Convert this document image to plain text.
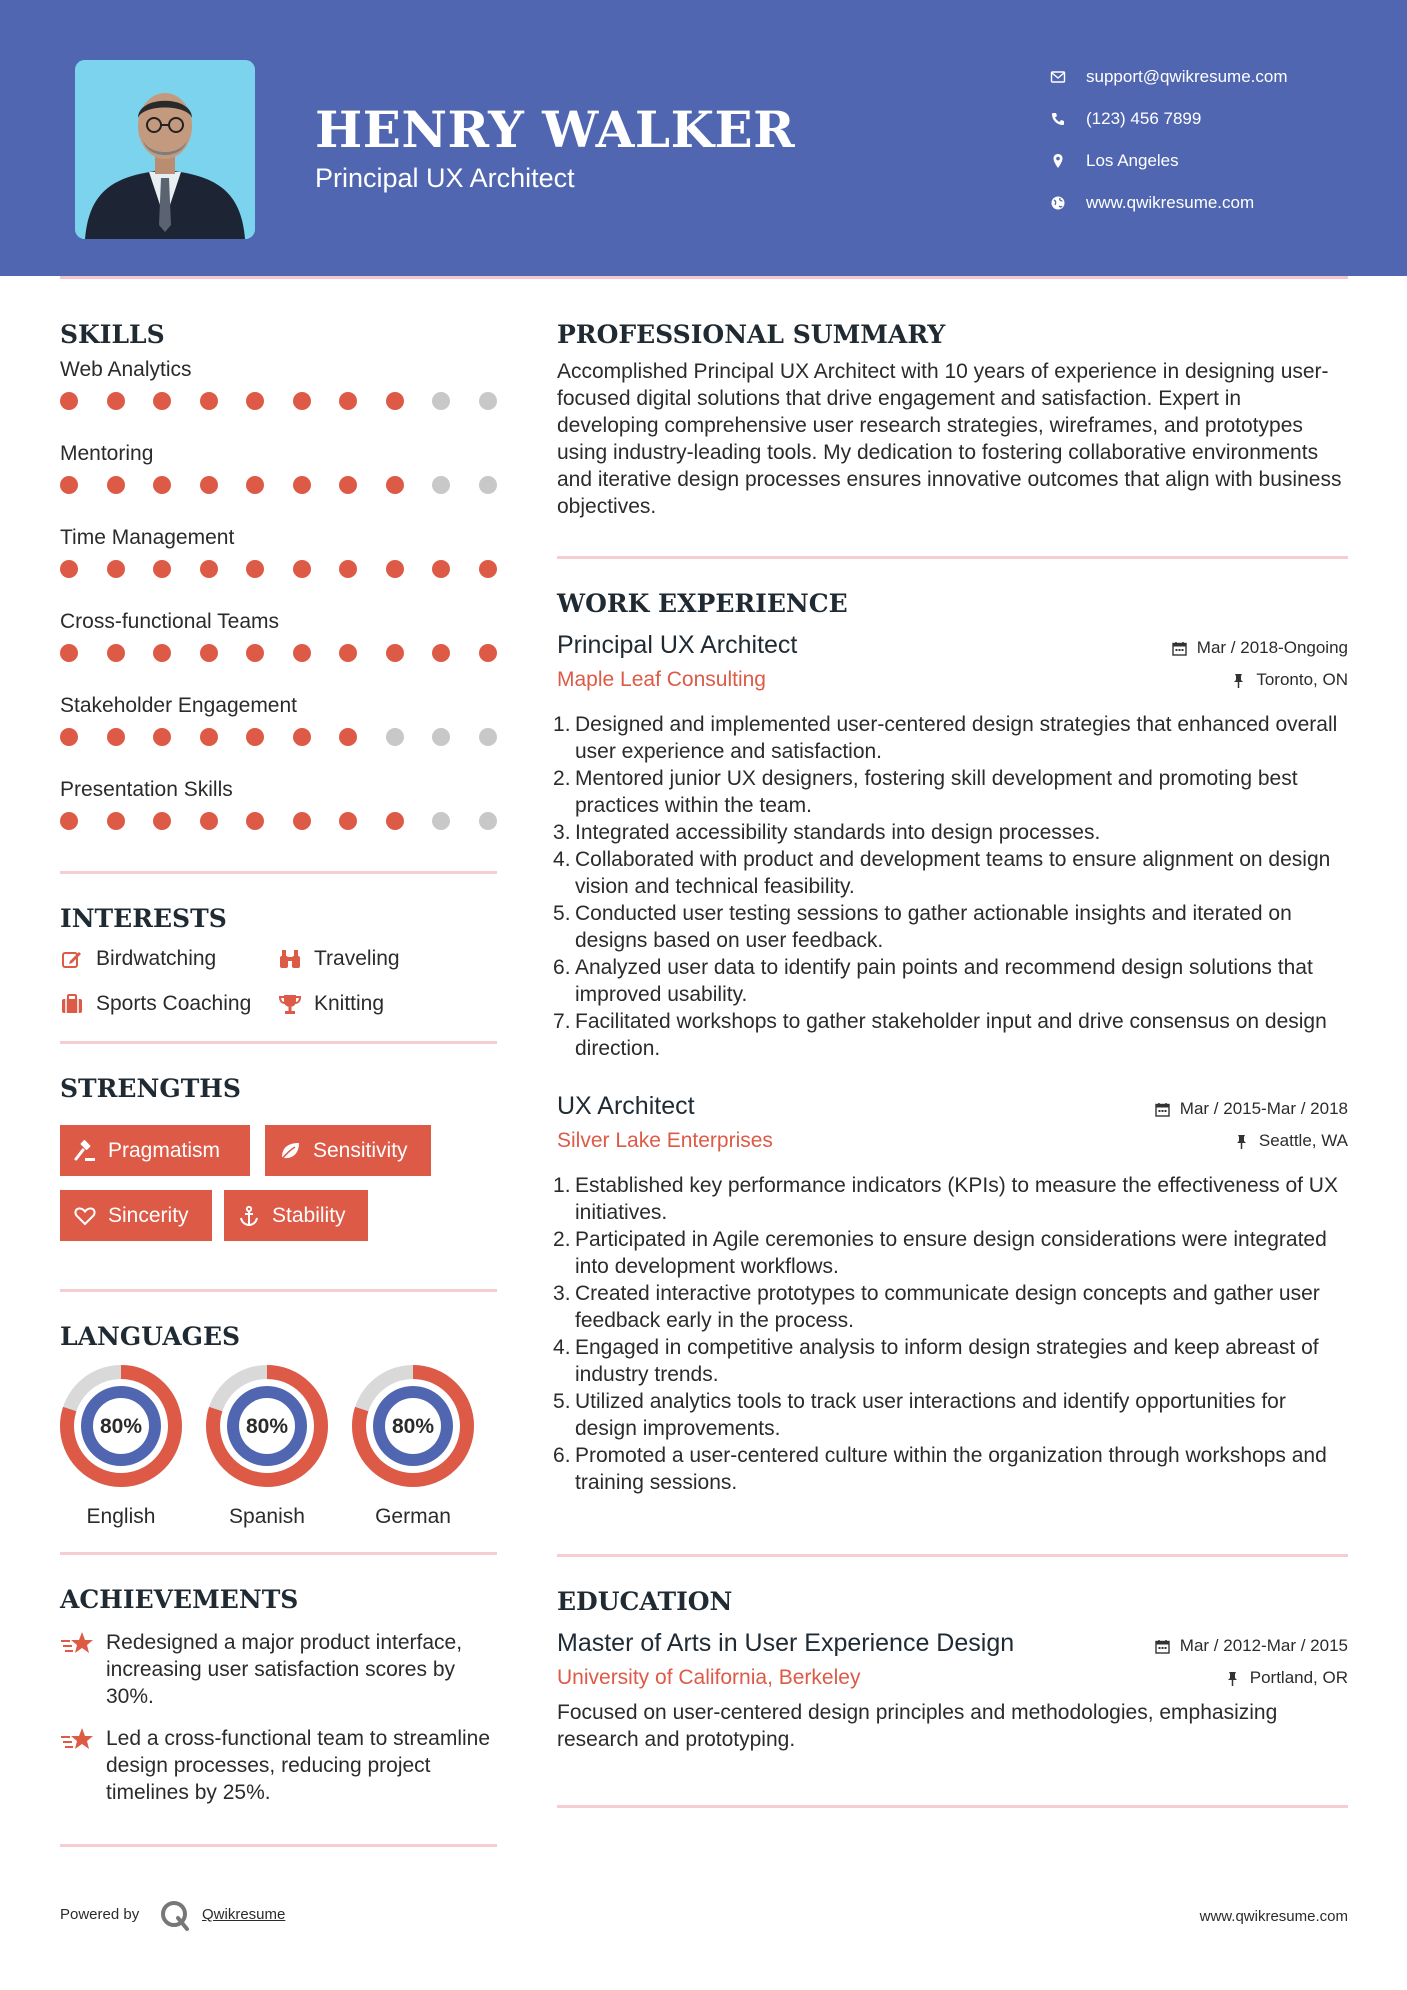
HENRY WALKER
Principal UX Architect
support@qwikresume.com
(123) 456 7899
Los Angeles
www.qwikresume.com
SKILLS
Web Analytics
Mentoring
Time Management
Cross-functional Teams
Stakeholder Engagement
Presentation Skills
INTERESTS
Birdwatching	Traveling
Sports Coaching	Knitting
STRENGTHS
Pragmatism	Sensitivity
Sincerity	Stability
LANGUAGES
80%
English
80%
Spanish
80%
German
ACHIEVEMENTS
Redesigned a major product interface, increasing user satisfaction scores by 30%.
Led a cross-functional team to streamline design processes, reducing project timelines by 25%.
PROFESSIONAL SUMMARY
Accomplished Principal UX Architect with 10 years of experience in designing user-focused digital solutions that drive engagement and satisfaction. Expert in developing comprehensive user research strategies, wireframes, and prototypes using industry-leading tools. My dedication to fostering collaborative environments and iterative design processes ensures innovative outcomes that align with business objectives.
WORK EXPERIENCE
Principal UX Architect
Maple Leaf Consulting
Mar / 2018-Ongoing
Toronto, ON
Designed and implemented user-centered design strategies that enhanced overall user experience and satisfaction.
Mentored junior UX designers, fostering skill development and promoting best practices within the team.
Integrated accessibility standards into design processes.
Collaborated with product and development teams to ensure alignment on design vision and technical feasibility.
Conducted user testing sessions to gather actionable insights and iterated on designs based on user feedback.
Analyzed user data to identify pain points and recommend design solutions that improved usability.
Facilitated workshops to gather stakeholder input and drive consensus on design direction.
UX Architect
Silver Lake Enterprises
Mar / 2015-Mar / 2018
Seattle, WA
Established key performance indicators (KPIs) to measure the effectiveness of UX initiatives.
Participated in Agile ceremonies to ensure design considerations were integrated into development workflows.
Created interactive prototypes to communicate design concepts and gather user feedback early in the process.
Engaged in competitive analysis to inform design strategies and keep abreast of industry trends.
Utilized analytics tools to track user interactions and identify opportunities for design improvements.
Promoted a user-centered culture within the organization through workshops and training sessions.
EDUCATION
Master of Arts in User Experience Design
University of California, Berkeley
Mar / 2012-Mar / 2015
Portland, OR
Focused on user-centered design principles and methodologies, emphasizing research and prototyping.
Powered by	Qwikresume	www.qwikresume.com
